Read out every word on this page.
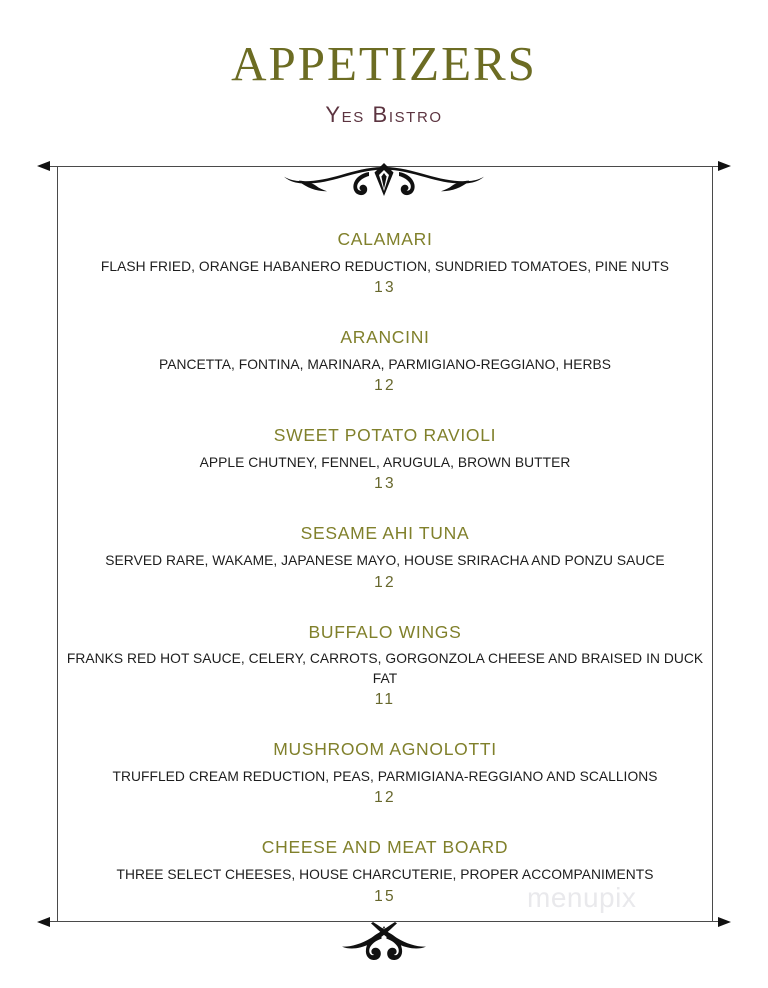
APPETIZERS
Yes Bistro
CALAMARI
FLASH FRIED, ORANGE HABANERO REDUCTION, SUNDRIED TOMATOES, PINE NUTS
13
ARANCINI
PANCETTA, FONTINA, MARINARA, PARMIGIANO-REGGIANO, HERBS
12
SWEET POTATO RAVIOLI
APPLE CHUTNEY, FENNEL, ARUGULA, BROWN BUTTER
13
SESAME AHI TUNA
SERVED RARE, WAKAME, JAPANESE MAYO, HOUSE SRIRACHA AND PONZU SAUCE
12
BUFFALO WINGS
FRANKS RED HOT SAUCE, CELERY, CARROTS, GORGONZOLA CHEESE AND BRAISED IN DUCK FAT
11
MUSHROOM AGNOLOTTI
TRUFFLED CREAM REDUCTION, PEAS, PARMIGIANA-REGGIANO AND SCALLIONS
12
CHEESE AND MEAT BOARD
THREE SELECT CHEESES, HOUSE CHARCUTERIE, PROPER ACCOMPANIMENTS
15	menupix
